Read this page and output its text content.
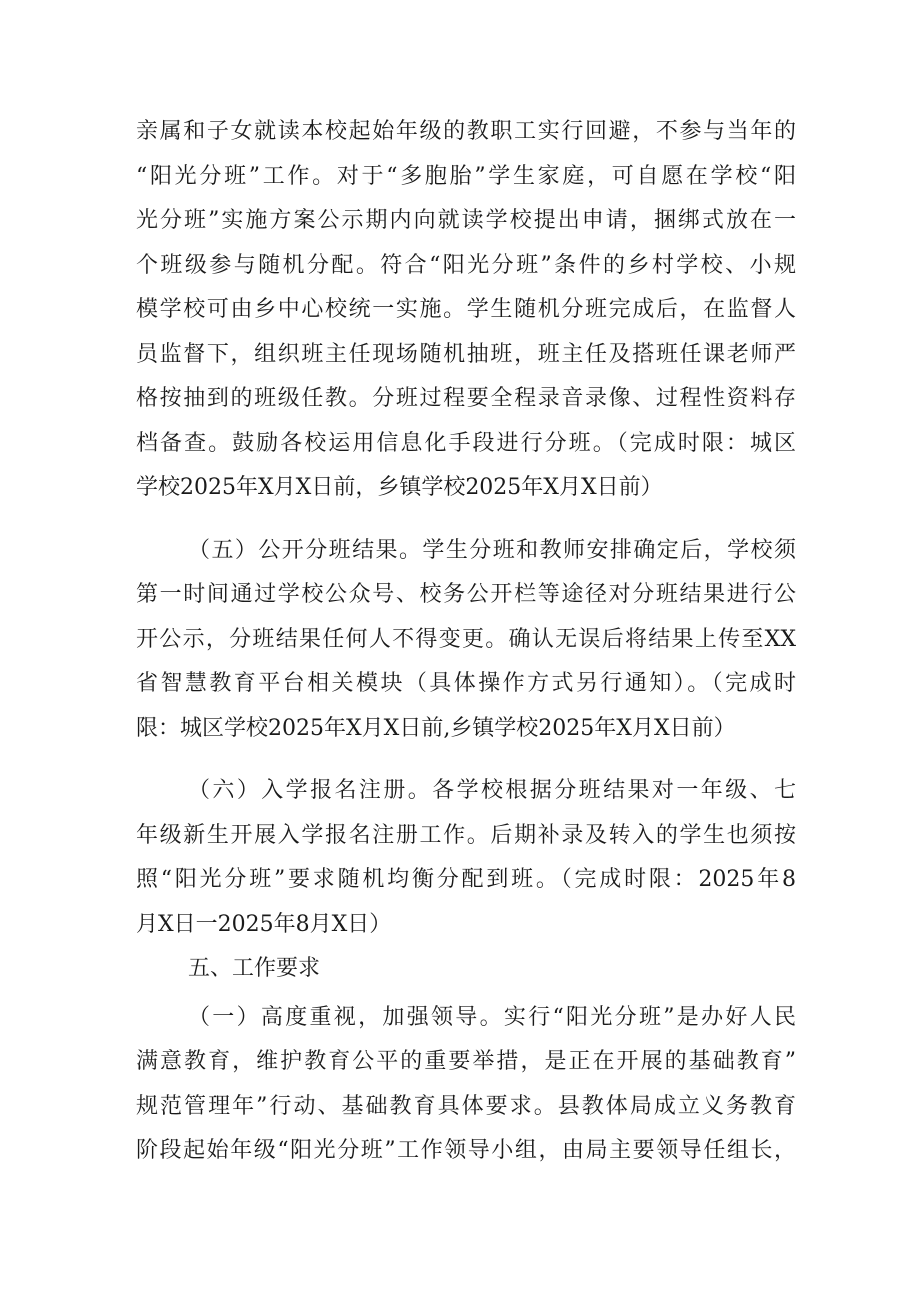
亲属和子女就读本校起始年级的教职工实行回避，不参与当年的
“阳光分班”工作。对于“多胞胎”学生家庭，可自愿在学校“阳
光分班”实施方案公示期内向就读学校提出申请，捆绑式放在一
个班级参与随机分配。符合“阳光分班”条件的乡村学校、小规
模学校可由乡中心校统一实施。学生随机分班完成后，在监督人
员监督下，组织班主任现场随机抽班，班主任及搭班任课老师严
格按抽到的班级任教。分班过程要全程录音录像、过程性资料存
档备查。鼓励各校运用信息化手段进行分班。（完成时限：城区
学校2025年X月X日前，乡镇学校2025年X月X日前）
（五）公开分班结果。学生分班和教师安排确定后，学校须
第一时间通过学校公众号、校务公开栏等途径对分班结果进行公
开公示，分班结果任何人不得变更。确认无误后将结果上传至XX
省智慧教育平台相关模块（具体操作方式另行通知）。（完成时
限：城区学校2025年X月X日前,乡镇学校2025年X月X日前）
（六）入学报名注册。各学校根据分班结果对一年级、七
年级新生开展入学报名注册工作。后期补录及转入的学生也须按
照“阳光分班”要求随机均衡分配到班。（完成时限：2025年8
月X日一2025年8月X日）
五、工作要求
（一）高度重视，加强领导。实行“阳光分班”是办好人民
满意教育，维护教育公平的重要举措，是正在开展的基础教育”
规范管理年”行动、基础教育具体要求。县教体局成立义务教育
阶段起始年级“阳光分班”工作领导小组，由局主要领导任组长，
